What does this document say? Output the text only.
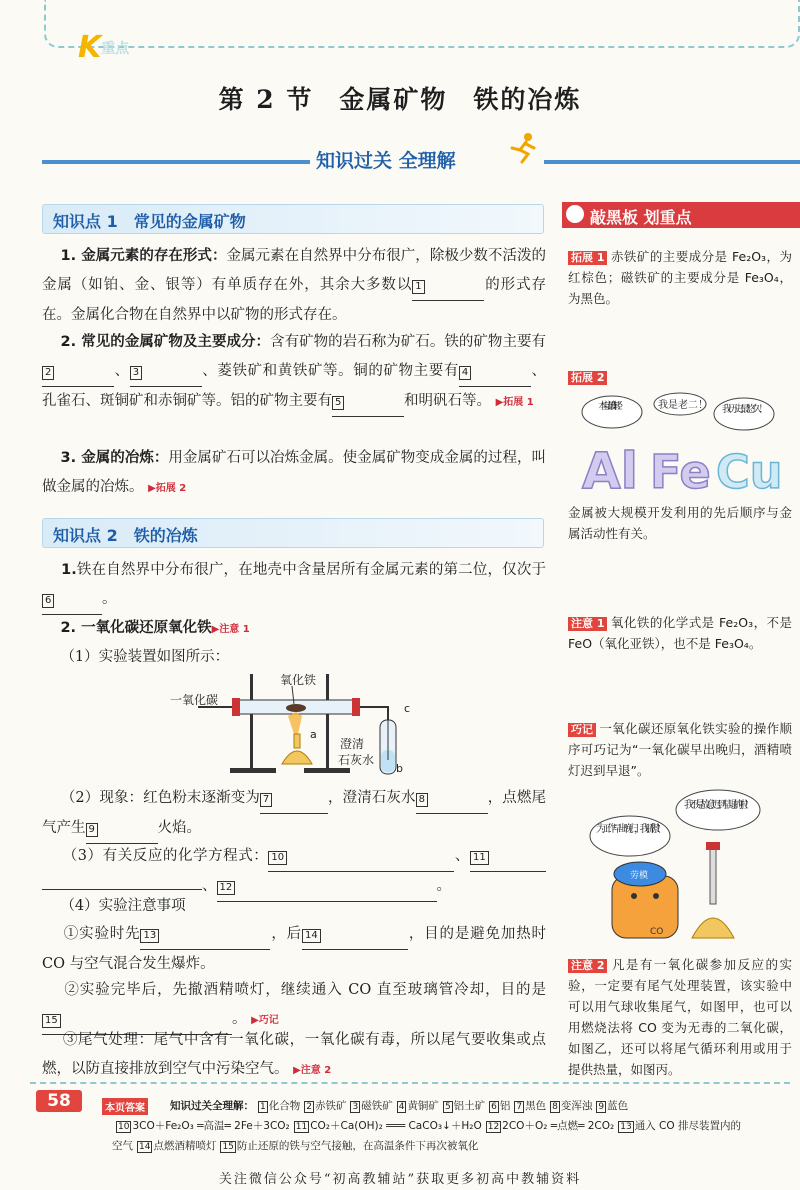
K重点
第 2 节 金属矿物 铁的冶炼
知识过关 全理解
知识点 1　常见的金属矿物
1. 金属元素的存在形式：金属元素在自然界中分布很广，除极少数不活泼的金属（如铂、金、银等）有单质存在外，其余大多数以 1	的形式存在。金属化合物在自然界中以矿物的形式存在。
2. 常见的金属矿物及主要成分：含有矿物的岩石称为矿石。铁的矿物主要有2	、 3	、菱铁矿和黄铁矿等。铜的矿物主要有 4	、孔雀石、斑铜矿和赤铜矿等。铝的矿物主要有 5	和明矾石等。 ▶拓展 1
3. 金属的冶炼：用金属矿石可以冶炼金属。使金属矿物变成金属的过程，叫做金属的冶炼。 ▶拓展 2
知识点 2　铁的冶炼
1.铁在自然界中分布很广，在地壳中含量居所有金属元素的第二位，仅次于6	。
2. 一氧化碳还原氧化铁▶注意 1
（1）实验装置如图所示：
一氧化碳
氧化铁
澄清
石灰水
a
b
c
（2）现象：红色粉末逐渐变为 7	，澄清石灰水 8	，点燃尾气产生 9	火焰。
（3）有关反应的化学方程式： 10	、 11、 12	。
（4）实验注意事项
①实验时先 13	，后 14	，目的是避免加热时 CO 与空气混合发生爆炸。
②实验完毕后，先撤酒精喷灯，继续通入 CO 直至玻璃管冷却，目的是15	。 ▶巧记
③尾气处理：尾气中含有一氧化碳，一氧化碳有毒，所以尾气要收集或点燃，以防直接排放到空气中污染空气。 ▶注意 2
敲黑板 划重点
拓展 1 赤铁矿的主要成分是 Fe₂O₃，为红棕色；磁铁矿的主要成分是 Fe₃O₄，为黑色。
拓展 2
本宝宝最年轻！	我是老二！ 我历史最悠久！
Al Fe Cu
金属被大规模开发利用的先后顺序与金属活动性有关。
注意 1 氧化铁的化学式是 Fe₂O₃，不是 FeO（氧化亚铁），也不是 Fe₃O₄。
巧记 一氧化碳还原氧化铁实验的操作顺序可巧记为“一氧化碳早出晚归，酒精喷灯迟到早退”。
为工作早出晚归，我骄傲！
我不是故意迟到早退的啦！
劳模
CO
注意 2 凡是有一氧化碳参加反应的实验，一定要有尾气处理装置，该实验中可以用气球收集尾气，如图甲，也可以用燃烧法将 CO 变为无毒的二氧化碳，如图乙，还可以将尾气循环利用或用于提供热量，如图丙。
58	本页答案 知识过关全理解： 1 化合物 2 赤铁矿 3 磁铁矿 4 黄铜矿 5 铝土矿 6 铝 7 黑色 8 变浑浊 9 蓝色
10 3CO＋Fe₂O₃ ═高温═ 2Fe＋3CO₂ 11 CO₂＋Ca(OH)₂ ═══ CaCO₃↓＋H₂O 12 2CO＋O₂ ═点燃═ 2CO₂ 13 通入 CO 排尽装置内的
空气 14 点燃酒精喷灯 15 防止还原的铁与空气接触，在高温条件下再次被氧化
关注微信公众号“初高教辅站”获取更多初高中教辅资料
